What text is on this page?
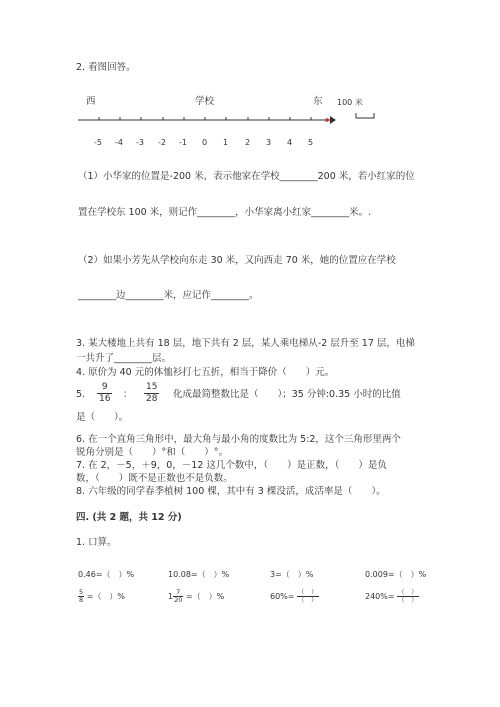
2. 看图回答。
西	学校	东 100 米
-5 -4 -3 -2 -1 0 1 2 3 4 5
（1）小华家的位置是-200 米，表示他家在学校________200 米，若小红家的位
置在学校东 100 米，则记作________，小华家离小红家________米。.
（2）如果小芳先从学校向东走 30 米，又向西走 70 米，她的位置应在学校
________边________米，应记作________。
3. 某大楼地上共有 18 层，地下共有 2 层，某人乘电梯从-2 层升至 17 层，电梯
一共升了________层。
4. 原价为 40 元的体恤衫打七五折，相当于降价（　　）元。
5. $\frac{9}{16}$ ： $\frac{15}{28}$ 化成最简整数比是（　　）；35 分钟:0.35 小时的比值
是（　　）。
6. 在一个直角三角形中，最大角与最小角的度数比为 5:2，这个三角形里两个
锐角分别是（　　）°和（　　）°。
7. 在 2，－5，＋9，0，－12 这几个数中，（　　）是正数，（　　）是负
数，（　　）既不是正数也不是负数。
8. 六年级的同学春季植树 100 棵，其中有 3 棵没活，成活率是（　　）。
四. (共 2 题，共 12 分)
1. 口算。
0.46=（　）%	10.08=（　）%	3=（　）%	0.009=（　）%
$\frac{5}{8}$ =（　）%	$1 \frac{7}{20}$ =（　）%	$60\%= \frac{( )}{( )}$	$240\%= \frac{( )}{( )}$
